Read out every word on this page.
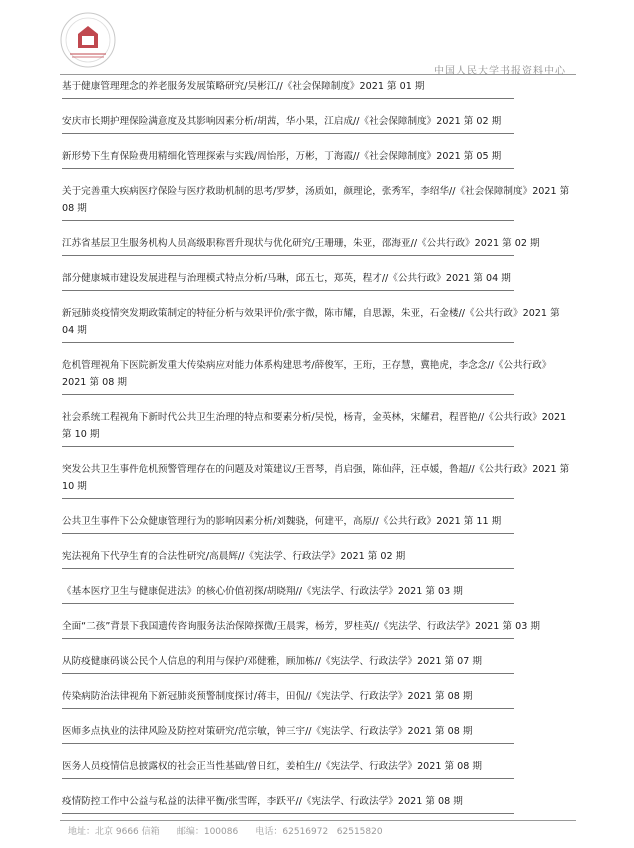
中国人民大学书报资料中心
基于健康管理理念的养老服务发展策略研究/吴彬江//《社会保障制度》2021 第 01 期
安庆市长期护理保险满意度及其影响因素分析/胡茜，华小果，江启成//《社会保障制度》2021 第 02 期
新形势下生育保险费用精细化管理探索与实践/周怡彤，万彬，丁海霞//《社会保障制度》2021 第 05 期
关于完善重大疾病医疗保险与医疗救助机制的思考/罗梦，汤质如，颜理论，张秀军，李绍华//《社会保障制度》2021 第 08 期
江苏省基层卫生服务机构人员高级职称晋升现状与优化研究/王珊珊，朱亚，邵海亚//《公共行政》2021 第 02 期
部分健康城市建设发展进程与治理模式特点分析/马琳，邱五七，郑英，程才//《公共行政》2021 第 04 期
新冠肺炎疫情突发期政策制定的特征分析与效果评价/张宇微，陈市耀，自思源，朱亚，石金楼//《公共行政》2021 第 04 期
危机管理视角下医院新发重大传染病应对能力体系构建思考/薛俊军，王珩，王存慧，冀艳虎，李念念//《公共行政》2021 第 08 期
社会系统工程视角下新时代公共卫生治理的特点和要素分析/吴悦，杨青，金英林，宋耀君，程晋艳//《公共行政》2021 第 10 期
突发公共卫生事件危机预警管理存在的问题及对策建议/王晋琴，肖启强，陈仙萍，汪卓媛，鲁超//《公共行政》2021 第 10 期
公共卫生事件下公众健康管理行为的影响因素分析/刘魏骁，何建平，高原//《公共行政》2021 第 11 期
宪法视角下代孕生育的合法性研究/高晨辉//《宪法学、行政法学》2021 第 02 期
《基本医疗卫生与健康促进法》的核心价值初探/胡晓翔//《宪法学、行政法学》2021 第 03 期
全面“二孩”背景下我国遗传咨询服务法治保障探微/王晨霁，杨芳，罗桂英//《宪法学、行政法学》2021 第 03 期
从防疫健康码谈公民个人信息的利用与保护/邓健雅，顾加栋//《宪法学、行政法学》2021 第 07 期
传染病防治法律视角下新冠肺炎预警制度探讨/蒋丰，田侃//《宪法学、行政法学》2021 第 08 期
医师多点执业的法律风险及防控对策研究/范宗敏，钟三宇//《宪法学、行政法学》2021 第 08 期
医务人员疫情信息披露权的社会正当性基础/曾日红，姜柏生//《宪法学、行政法学》2021 第 08 期
疫情防控工作中公益与私益的法律平衡/张雪晖，李跃平//《宪法学、行政法学》2021 第 08 期
地址：北京 9666 信箱 邮编：100086 电话：62516972   62515820
